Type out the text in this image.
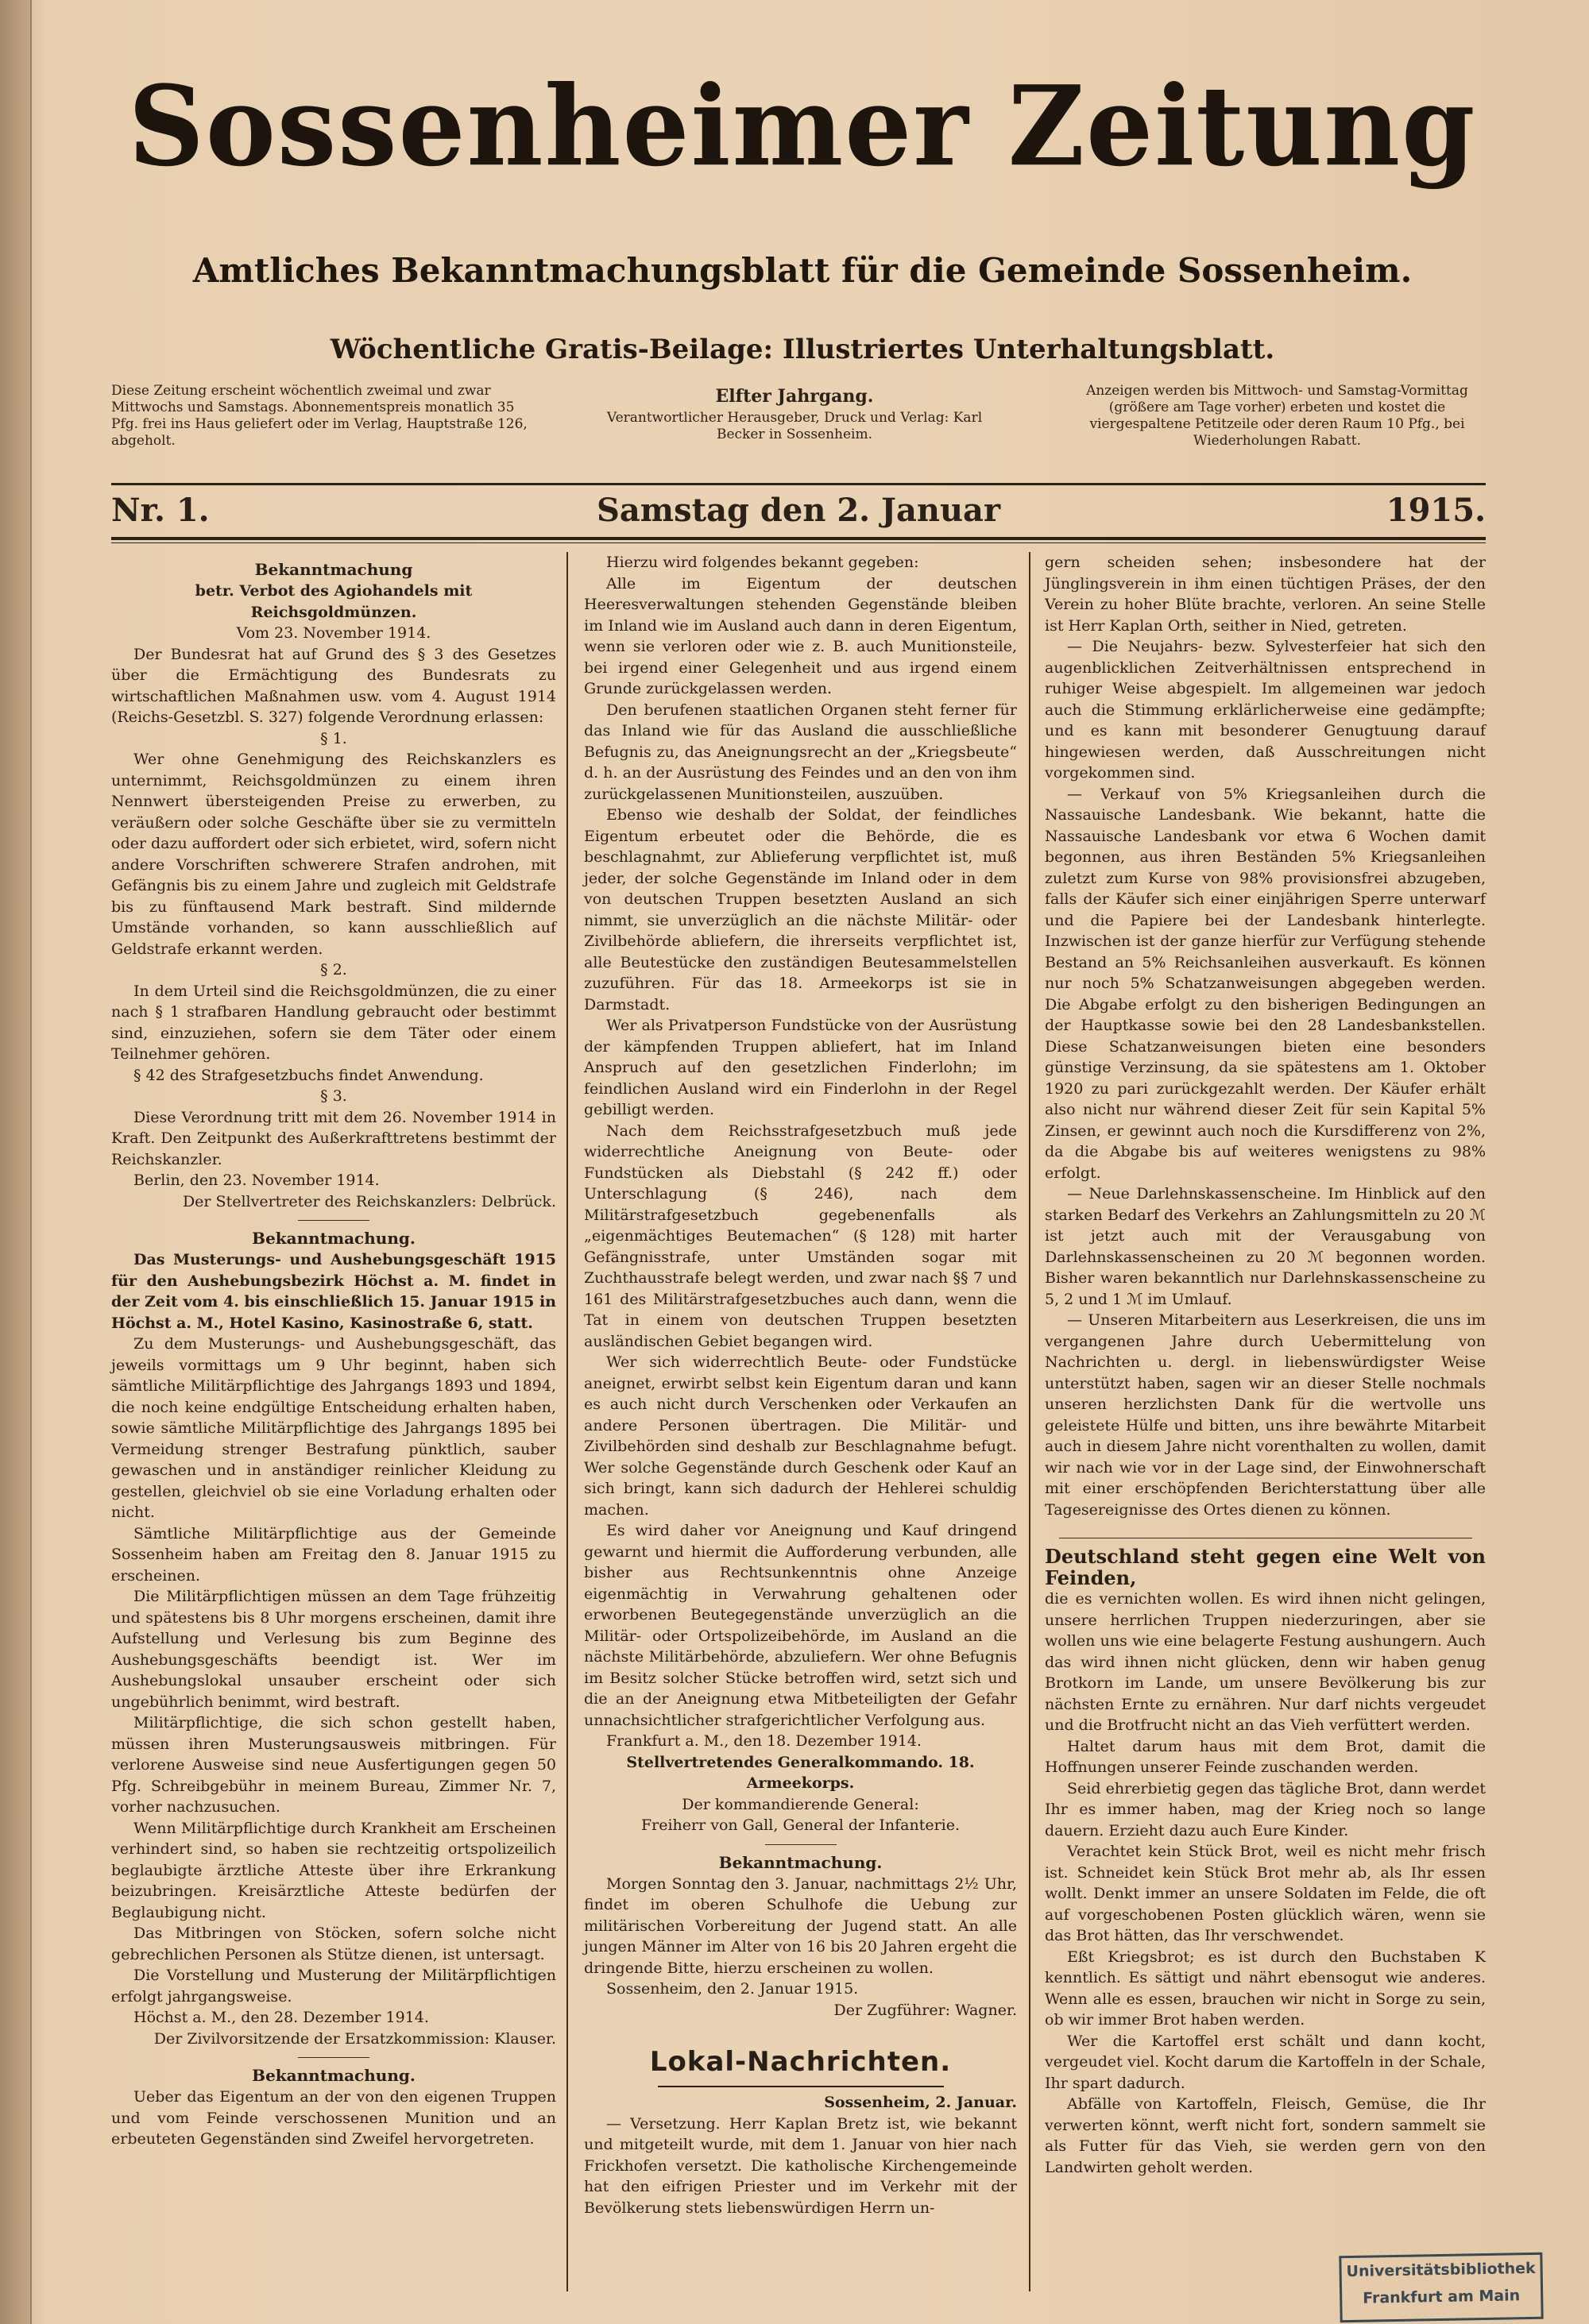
Sossenheimer Zeitung
Amtliches Bekanntmachungsblatt für die Gemeinde Sossenheim.
Wöchentliche Gratis-Beilage: Illustriertes Unterhaltungsblatt.
Diese Zeitung erscheint wöchentlich zweimal und zwar Mittwochs und Samstags. Abonnementspreis monatlich 35 Pfg. frei ins Haus geliefert oder im Verlag, Hauptstraße 126, abgeholt.
Elfter Jahrgang.
Verantwortlicher Herausgeber, Druck und Verlag: Karl Becker in Sossenheim.
Anzeigen werden bis Mittwoch- und Samstag-Vormittag (größere am Tage vorher) erbeten und kostet die viergespaltene Petitzeile oder deren Raum 10 Pfg., bei Wiederholungen Rabatt.
Nr. 1.	Samstag den 2. Januar	1915.

Bekanntmachung

betr. Verbot des Agiohandels mit Reichsgoldmünzen.

Vom 23. November 1914.

Der Bundesrat hat auf Grund des § 3 des Gesetzes über die Ermächtigung des Bundesrats zu wirtschaftlichen Maßnahmen usw. vom 4. August 1914 (Reichs-Gesetzbl. S. 327) folgende Verordnung erlassen:

§ 1.

Wer ohne Genehmigung des Reichskanzlers es unternimmt, Reichsgoldmünzen zu einem ihren Nennwert übersteigenden Preise zu erwerben, zu veräußern oder solche Geschäfte über sie zu vermitteln oder dazu auffordert oder sich erbietet, wird, sofern nicht andere Vorschriften schwerere Strafen androhen, mit Gefängnis bis zu einem Jahre und zugleich mit Geldstrafe bis zu fünftausend Mark bestraft. Sind mildernde Umstände vorhanden, so kann ausschließlich auf Geldstrafe erkannt werden.

§ 2.

In dem Urteil sind die Reichsgoldmünzen, die zu einer nach § 1 strafbaren Handlung gebraucht oder bestimmt sind, einzuziehen, sofern sie dem Täter oder einem Teilnehmer gehören.

§ 42 des Strafgesetzbuchs findet Anwendung.

§ 3.

Diese Verordnung tritt mit dem 26. November 1914 in Kraft. Den Zeitpunkt des Außerkrafttretens bestimmt der Reichskanzler.

Berlin, den 23. November 1914.

Der Stellvertreter des Reichskanzlers: Delbrück.

Bekanntmachung.

Das Musterungs- und Aushebungsgeschäft 1915 für den Aushebungsbezirk Höchst a. M. findet in der Zeit vom 4. bis einschließlich 15. Januar 1915 in Höchst a. M., Hotel Kasino, Kasinostraße 6, statt.

Zu dem Musterungs- und Aushebungsgeschäft, das jeweils vormittags um 9 Uhr beginnt, haben sich sämtliche Militärpflichtige des Jahrgangs 1893 und 1894, die noch keine endgültige Entscheidung erhalten haben, sowie sämtliche Militärpflichtige des Jahrgangs 1895 bei Vermeidung strenger Bestrafung pünktlich, sauber gewaschen und in anständiger reinlicher Kleidung zu gestellen, gleichviel ob sie eine Vorladung erhalten oder nicht.

Sämtliche Militärpflichtige aus der Gemeinde Sossenheim haben am Freitag den 8. Januar 1915 zu erscheinen.

Die Militärpflichtigen müssen an dem Tage frühzeitig und spätestens bis 8 Uhr morgens erscheinen, damit ihre Aufstellung und Verlesung bis zum Beginne des Aushebungsgeschäfts beendigt ist. Wer im Aushebungslokal unsauber erscheint oder sich ungebührlich benimmt, wird bestraft.

Militärpflichtige, die sich schon gestellt haben, müssen ihren Musterungsausweis mitbringen. Für verlorene Ausweise sind neue Ausfertigungen gegen 50 Pfg. Schreibgebühr in meinem Bureau, Zimmer Nr. 7, vorher nachzusuchen.

Wenn Militärpflichtige durch Krankheit am Erscheinen verhindert sind, so haben sie rechtzeitig ortspolizeilich beglaubigte ärztliche Atteste über ihre Erkrankung beizubringen. Kreisärztliche Atteste bedürfen der Beglaubigung nicht.

Das Mitbringen von Stöcken, sofern solche nicht gebrechlichen Personen als Stütze dienen, ist untersagt.

Die Vorstellung und Musterung der Militärpflichtigen erfolgt jahrgangsweise.

Höchst a. M., den 28. Dezember 1914.

Der Zivilvorsitzende der Ersatzkommission: Klauser.

Bekanntmachung.

Ueber das Eigentum an der von den eigenen Truppen und vom Feinde verschossenen Munition und an erbeuteten Gegenständen sind Zweifel hervorgetreten.

Hierzu wird folgendes bekannt gegeben:

Alle im Eigentum der deutschen Heeresverwaltungen stehenden Gegenstände bleiben im Inland wie im Ausland auch dann in deren Eigentum, wenn sie verloren oder wie z. B. auch Munitionsteile, bei irgend einer Gelegenheit und aus irgend einem Grunde zurückgelassen werden.

Den berufenen staatlichen Organen steht ferner für das Inland wie für das Ausland die ausschließliche Befugnis zu, das Aneignungsrecht an der „Kriegsbeute“ d. h. an der Ausrüstung des Feindes und an den von ihm zurückgelassenen Munitionsteilen, auszuüben.

Ebenso wie deshalb der Soldat, der feindliches Eigentum erbeutet oder die Behörde, die es beschlagnahmt, zur Ablieferung verpflichtet ist, muß jeder, der solche Gegenstände im Inland oder in dem von deutschen Truppen besetzten Ausland an sich nimmt, sie unverzüglich an die nächste Militär- oder Zivilbehörde abliefern, die ihrerseits verpflichtet ist, alle Beutestücke den zuständigen Beutesammelstellen zuzuführen. Für das 18. Armeekorps ist sie in Darmstadt.

Wer als Privatperson Fundstücke von der Ausrüstung der kämpfenden Truppen abliefert, hat im Inland Anspruch auf den gesetzlichen Finderlohn; im feindlichen Ausland wird ein Finderlohn in der Regel gebilligt werden.

Nach dem Reichsstrafgesetzbuch muß jede widerrechtliche Aneignung von Beute- oder Fundstücken als Diebstahl (§ 242 ff.) oder Unterschlagung (§ 246), nach dem Militärstrafgesetzbuch gegebenenfalls als „eigenmächtiges Beutemachen“ (§ 128) mit harter Gefängnisstrafe, unter Umständen sogar mit Zuchthausstrafe belegt werden, und zwar nach §§ 7 und 161 des Militärstrafgesetzbuches auch dann, wenn die Tat in einem von deutschen Truppen besetzten ausländischen Gebiet begangen wird.

Wer sich widerrechtlich Beute- oder Fundstücke aneignet, erwirbt selbst kein Eigentum daran und kann es auch nicht durch Verschenken oder Verkaufen an andere Personen übertragen. Die Militär- und Zivilbehörden sind deshalb zur Beschlagnahme befugt. Wer solche Gegenstände durch Geschenk oder Kauf an sich bringt, kann sich dadurch der Hehlerei schuldig machen.

Es wird daher vor Aneignung und Kauf dringend gewarnt und hiermit die Aufforderung verbunden, alle bisher aus Rechtsunkenntnis ohne Anzeige eigenmächtig in Verwahrung gehaltenen oder erworbenen Beutegegenstände unverzüglich an die Militär- oder Ortspolizeibehörde, im Ausland an die nächste Militärbehörde, abzuliefern. Wer ohne Befugnis im Besitz solcher Stücke betroffen wird, setzt sich und die an der Aneignung etwa Mitbeteiligten der Gefahr unnachsichtlicher strafgerichtlicher Verfolgung aus.

Frankfurt a. M., den 18. Dezember 1914.

Stellvertretendes Generalkommando. 18. Armeekorps.

Der kommandierende General:

Freiherr von Gall, General der Infanterie.

Bekanntmachung.

Morgen Sonntag den 3. Januar, nachmittags 2½ Uhr, findet im oberen Schulhofe die Uebung zur militärischen Vorbereitung der Jugend statt. An alle jungen Männer im Alter von 16 bis 20 Jahren ergeht die dringende Bitte, hierzu erscheinen zu wollen.

Sossenheim, den 2. Januar 1915.

Der Zugführer: Wagner.

Lokal-Nachrichten.

Sossenheim, 2. Januar.

— Versetzung. Herr Kaplan Bretz ist, wie bekannt und mitgeteilt wurde, mit dem 1. Januar von hier nach Frickhofen versetzt. Die katholische Kirchengemeinde hat den eifrigen Priester und im Verkehr mit der Bevölkerung stets liebenswürdigen Herrn un-

gern scheiden sehen; insbesondere hat der Jünglingsverein in ihm einen tüchtigen Präses, der den Verein zu hoher Blüte brachte, verloren. An seine Stelle ist Herr Kaplan Orth, seither in Nied, getreten.

— Die Neujahrs- bezw. Sylvesterfeier hat sich den augenblicklichen Zeitverhältnissen entsprechend in ruhiger Weise abgespielt. Im allgemeinen war jedoch auch die Stimmung erklärlicherweise eine gedämpfte; und es kann mit besonderer Genugtuung darauf hingewiesen werden, daß Ausschreitungen nicht vorgekommen sind.

— Verkauf von 5% Kriegsanleihen durch die Nassauische Landesbank. Wie bekannt, hatte die Nassauische Landesbank vor etwa 6 Wochen damit begonnen, aus ihren Beständen 5% Kriegsanleihen zuletzt zum Kurse von 98% provisionsfrei abzugeben, falls der Käufer sich einer einjährigen Sperre unterwarf und die Papiere bei der Landesbank hinterlegte. Inzwischen ist der ganze hierfür zur Verfügung stehende Bestand an 5% Reichsanleihen ausverkauft. Es können nur noch 5% Schatzanweisungen abgegeben werden. Die Abgabe erfolgt zu den bisherigen Bedingungen an der Hauptkasse sowie bei den 28 Landesbankstellen. Diese Schatzanweisungen bieten eine besonders günstige Verzinsung, da sie spätestens am 1. Oktober 1920 zu pari zurückgezahlt werden. Der Käufer erhält also nicht nur während dieser Zeit für sein Kapital 5% Zinsen, er gewinnt auch noch die Kursdifferenz von 2%, da die Abgabe bis auf weiteres wenigstens zu 98% erfolgt.

— Neue Darlehnskassenscheine. Im Hinblick auf den starken Bedarf des Verkehrs an Zahlungsmitteln zu 20 ℳ ist jetzt auch mit der Verausgabung von Darlehnskassenscheinen zu 20 ℳ begonnen worden. Bisher waren bekanntlich nur Darlehnskassenscheine zu 5, 2 und 1 ℳ im Umlauf.

— Unseren Mitarbeitern aus Leserkreisen, die uns im vergangenen Jahre durch Uebermittelung von Nachrichten u. dergl. in liebenswürdigster Weise unterstützt haben, sagen wir an dieser Stelle nochmals unseren herzlichsten Dank für die wertvolle uns geleistete Hülfe und bitten, uns ihre bewährte Mitarbeit auch in diesem Jahre nicht vorenthalten zu wollen, damit wir nach wie vor in der Lage sind, der Einwohnerschaft mit einer erschöpfenden Berichterstattung über alle Tagesereignisse des Ortes dienen zu können.

Deutschland steht gegen eine Welt von Feinden,

die es vernichten wollen. Es wird ihnen nicht gelingen, unsere herrlichen Truppen niederzuringen, aber sie wollen uns wie eine belagerte Festung aushungern. Auch das wird ihnen nicht glücken, denn wir haben genug Brotkorn im Lande, um unsere Bevölkerung bis zur nächsten Ernte zu ernähren. Nur darf nichts vergeudet und die Brotfrucht nicht an das Vieh verfüttert werden.

Haltet darum haus mit dem Brot, damit die Hoffnungen unserer Feinde zuschanden werden.

Seid ehrerbietig gegen das tägliche Brot, dann werdet Ihr es immer haben, mag der Krieg noch so lange dauern. Erzieht dazu auch Eure Kinder.

Verachtet kein Stück Brot, weil es nicht mehr frisch ist. Schneidet kein Stück Brot mehr ab, als Ihr essen wollt. Denkt immer an unsere Soldaten im Felde, die oft auf vorgeschobenen Posten glücklich wären, wenn sie das Brot hätten, das Ihr verschwendet.

Eßt Kriegsbrot; es ist durch den Buchstaben K kenntlich. Es sättigt und nährt ebensogut wie anderes. Wenn alle es essen, brauchen wir nicht in Sorge zu sein, ob wir immer Brot haben werden.

Wer die Kartoffel erst schält und dann kocht, vergeudet viel. Kocht darum die Kartoffeln in der Schale, Ihr spart dadurch.

Abfälle von Kartoffeln, Fleisch, Gemüse, die Ihr verwerten könnt, werft nicht fort, sondern sammelt sie als Futter für das Vieh, sie werden gern von den Landwirten geholt werden.

Universitätsbibliothek
Frankfurt am Main
